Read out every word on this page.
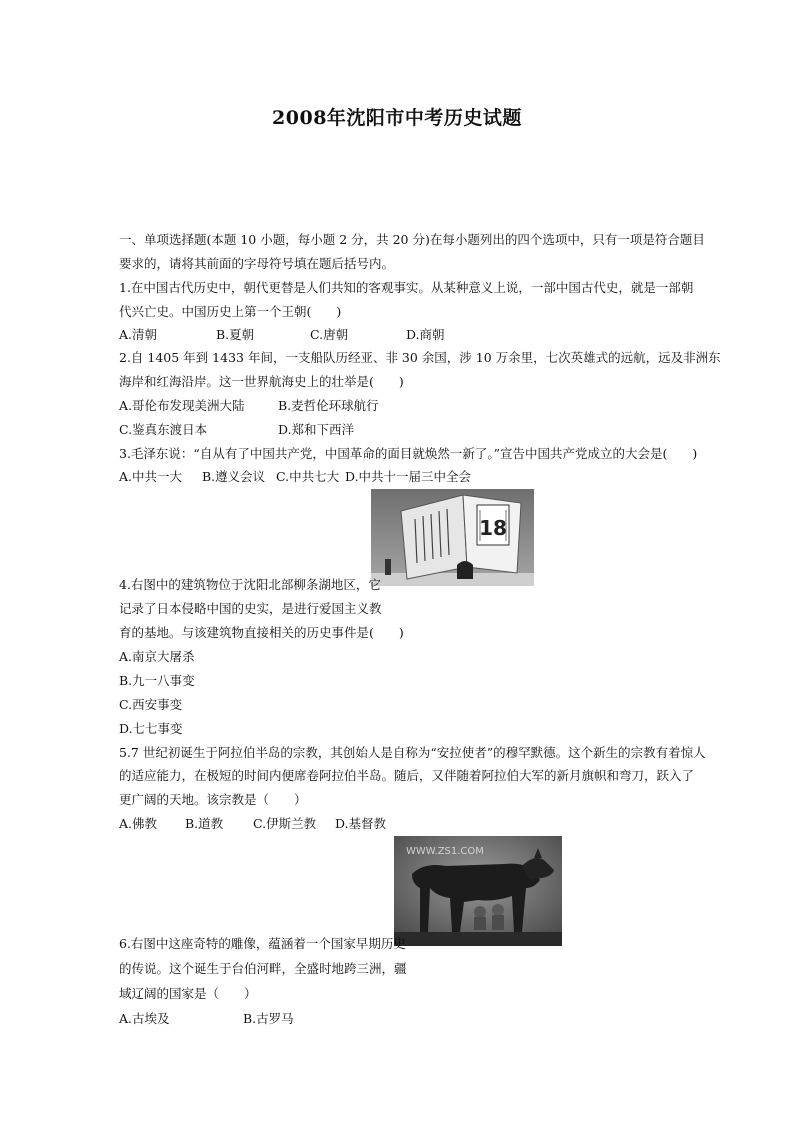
2008年沈阳市中考历史试题
一、单项选择题(本题 10 小题，每小题 2 分，共 20 分)在每小题列出的四个选项中，只有一项是符合题目
要求的，请将其前面的字母符号填在题后括号内。
1.在中国古代历史中，朝代更替是人们共知的客观事实。从某种意义上说，一部中国古代史，就是一部朝
代兴亡史。中国历史上第一个王朝(　　)
A.清朝	B.夏朝	C.唐朝	D.商朝
2.自 1405 年到 1433 年间，一支船队历经亚、非 30 余国，涉 10 万余里，七次英雄式的远航，远及非洲东
海岸和红海沿岸。这一世界航海史上的壮举是(　　)
A.哥伦布发现美洲大陆	B.麦哲伦环球航行
C.鉴真东渡日本	D.郑和下西洋
3.毛泽东说：“自从有了中国共产党，中国革命的面目就焕然一新了。”宣告中国共产党成立的大会是(　　)
A.中共一大 B.遵义会议 C.中共七大 D.中共十一届三中全会
18
4.右图中的建筑物位于沈阳北部柳条湖地区，它
记录了日本侵略中国的史实，是进行爱国主义教
育的基地。与该建筑物直接相关的历史事件是(　　)
A.南京大屠杀
B.九一八事变
C.西安事变
D.七七事变
5.7 世纪初诞生于阿拉伯半岛的宗教，其创始人是自称为“安拉使者”的穆罕默德。这个新生的宗教有着惊人
的适应能力，在极短的时间内便席卷阿拉伯半岛。随后，又伴随着阿拉伯大军的新月旗帜和弯刀，跃入了
更广阔的天地。该宗教是（　　）
A.佛教 B.道教 C.伊斯兰教 D.基督教
WWW.ZS1.COM
6.右图中这座奇特的雕像，蕴涵着一个国家早期历史
的传说。这个诞生于台伯河畔，全盛时地跨三洲，疆
域辽阔的国家是（　　）
A.古埃及	B.古罗马
